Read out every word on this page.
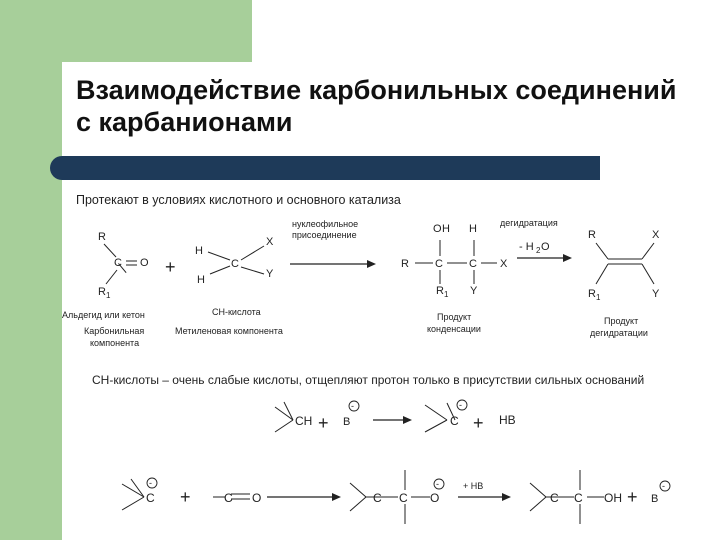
Взаимодействие карбонильных соединений с карбанионами
Протекают в условиях кислотного и основного катализа
СН-кислоты – очень слабые кислоты, отщепляют протон только в присутствии сильных оснований
R
C O
R 1
+
H
H
C
X
Y
O H H
R C C X
R 1 Y
R	X
R 1	Y
нуклеофильное
присоединение
дегидратация
- H 2 O
Альдегид или кетон
Карбонильная
компонента
СН-кислота
Метиленовая компонента
Продукт
конденсации
Продукт
дегидратации
CH + B
-
C
-
+ HB
C
-
+	C O	C C O
-	+ HB
C C OH + B
-
